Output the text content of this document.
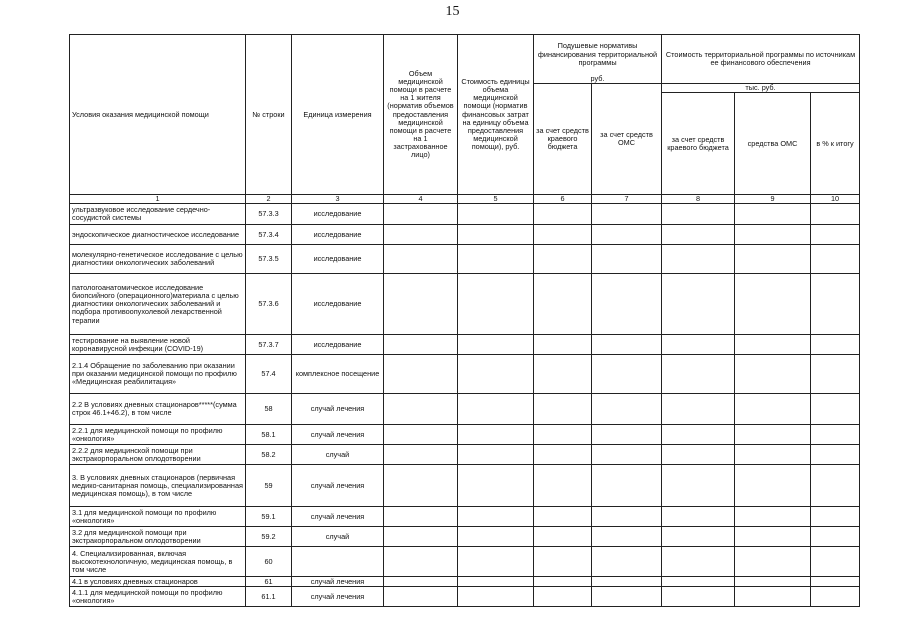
15
Условия оказания медицинской помощи	№ строки	Единица измерения	Объем медицинской помощи в расчете на 1 жителя (норматив объемов предоставления медицинской помощи в расчете на 1 застрахованное лицо)	Стоимость единицы объема медицинской помощи (норматив финансовых затрат на единицу объема предоставления медицинской помощи), руб.	Подушевые нормативы финансирования территориальной программы		Стоимость территориальной программы по источникам ее финансового обеспечения		
					руб.				
					за счет средств краевого бюджета	за счет средств ОМС	тыс. руб.		
							за счет средств краевого бюджета	средства ОМС	в % к итогу
1	2	3	4	5	6	7	8	9	10
ультразвуковое исследование сердечно-сосудистой системы	57.3.3	исследование							
эндоскопическое диагностическое исследование	57.3.4	исследование							
молекулярно-генетическое исследование с целью диагностики онкологических заболеваний	57.3.5	исследование							
патологоанатомическое исследование биопсийного (операционного)материала с целью диагностики онкологических заболеваний и подбора противоопухолевой лекарственной терапии	57.3.6	исследование							
тестирование на выявление новой коронавирусной инфекции (COVID-19)	57.3.7	исследование							
2.1.4 Обращение по заболеванию при оказании при оказании медицинской помощи по профилю «Медицинская реабилитация»	57.4	комплексное посещение							
2.2 В условиях дневных стационаров*****(сумма строк 46.1+46.2), в том числе	58	случай лечения							
2.2.1 для медицинской помощи по профилю «онкология»	58.1	случай лечения							
2.2.2 для медицинской помощи при экстракорпоральном оплодотворении	58.2	случай							
3. В условиях дневных стационаров (первичная медико-санитарная помощь, специализированная медицинская помощь), в том числе	59	случай лечения							
3.1 для медицинской помощи по профилю «онкология»	59.1	случай лечения							
3.2 для медицинской помощи при экстракорпоральном оплодотворении	59.2	случай							
4. Специализированная, включая высокотехнологичную, медицинская помощь, в том числе	60								
4.1 в условиях дневных стационаров	61	случай лечения							
4.1.1 для медицинской помощи по профилю «онкология»	61.1	случай лечения							
